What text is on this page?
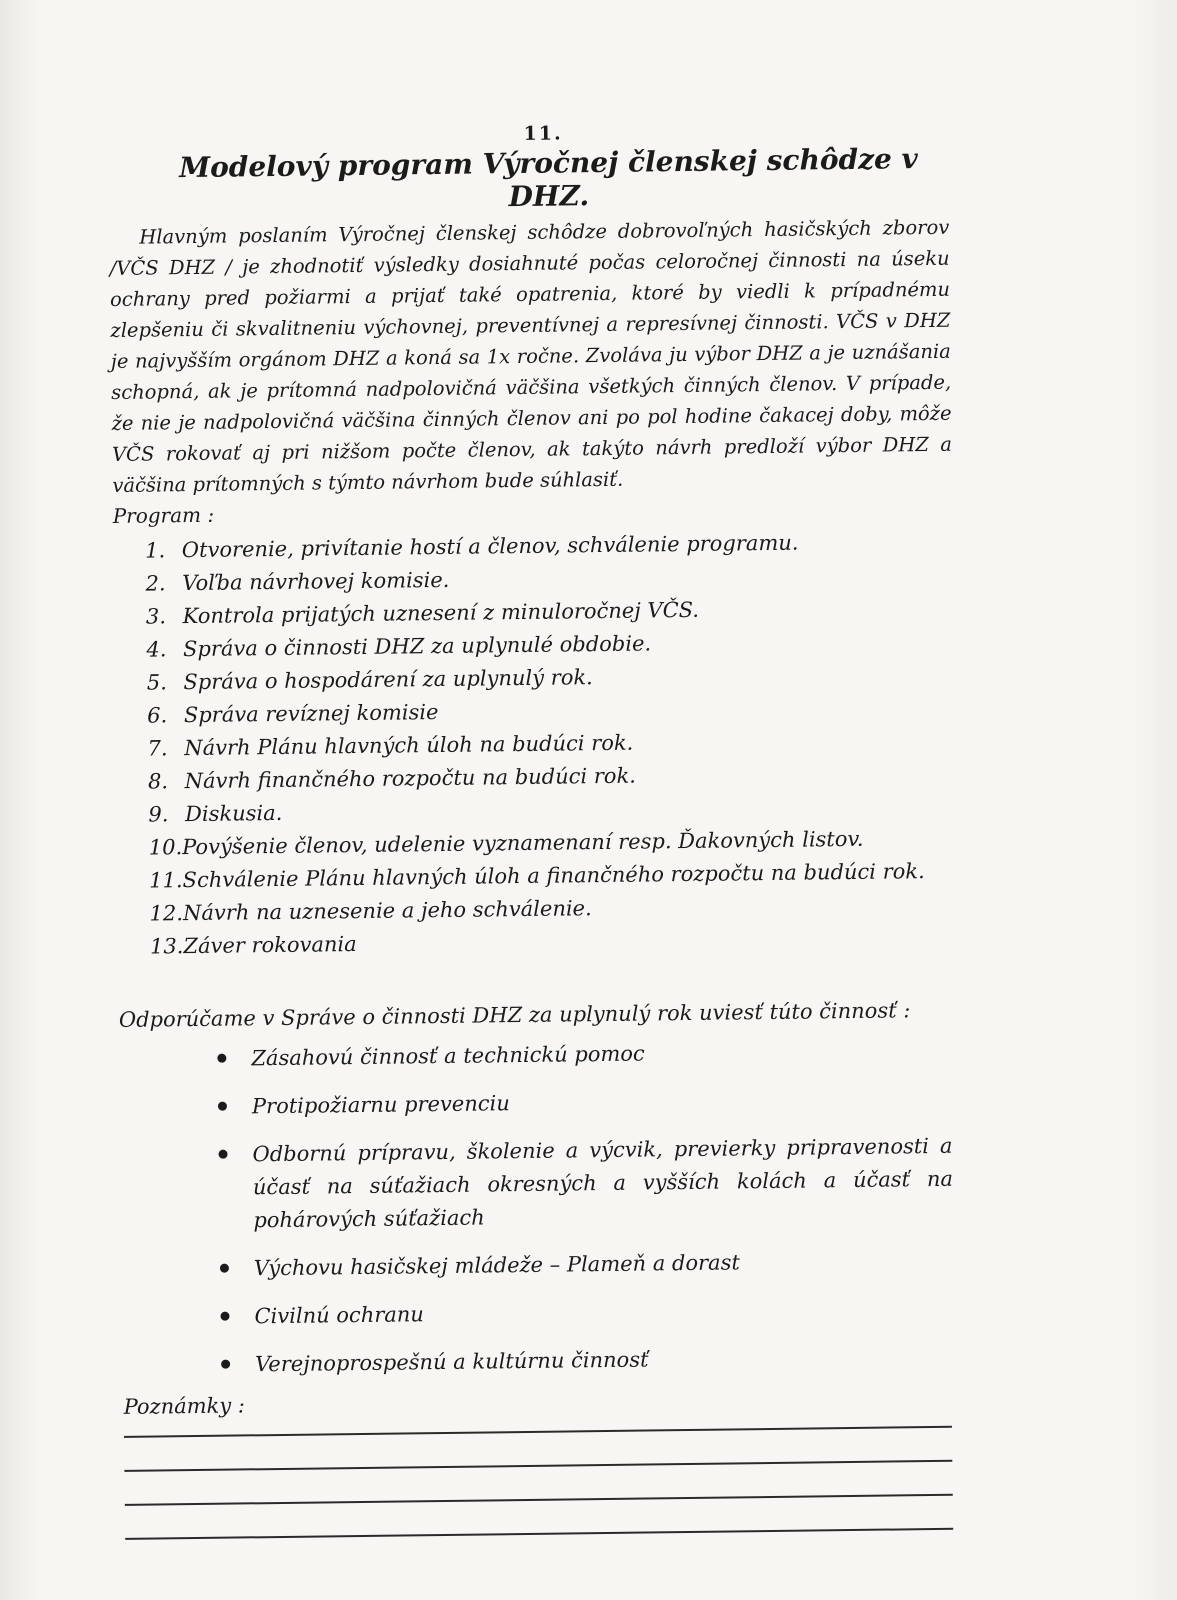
11.
Modelový program Výročnej členskej schôdze v DHZ.

Hlavným poslaním Výročnej členskej schôdze dobrovoľných hasičských zborov /VČS DHZ / je zhodnotiť výsledky dosiahnuté počas celoročnej činnosti na úseku ochrany pred požiarmi a prijať také opatrenia, ktoré by viedli k prípadnému zlepšeniu či skvalitneniu výchovnej, preventívnej a represívnej činnosti. VČS v DHZ je najvyšším orgánom DHZ a koná sa 1x ročne. Zvoláva ju výbor DHZ a je uznášania schopná, ak je prítomná nadpolovičná väčšina všetkých činných členov. V prípade, že nie je nadpolovičná väčšina činných členov ani po pol hodine čakacej doby, môže VČS rokovať aj pri nižšom počte členov, ak takýto návrh predloží výbor DHZ a väčšina prítomných s týmto návrhom bude súhlasiť.

Program :

1. Otvorenie, privítanie hostí a členov, schválenie programu.
2. Voľba návrhovej komisie.
3. Kontrola prijatých uznesení z minuloročnej VČS.
4. Správa o činnosti DHZ za uplynulé obdobie.
5. Správa o hospodárení za uplynulý rok.
6. Správa revíznej komisie
7. Návrh Plánu hlavných úloh na budúci rok.
8. Návrh finančného rozpočtu na budúci rok.
9. Diskusia.
10.Povýšenie členov, udelenie vyznamenaní resp. Ďakovných listov.
11.Schválenie Plánu hlavných úloh a finančného rozpočtu na budúci rok.
12.Návrh na uznesenie a jeho schválenie.
13.Záver rokovania

Odporúčame v Správe o činnosti DHZ za uplynulý rok uviesť túto činnosť :

Zásahovú činnosť a technickú pomoc
Protipožiarnu prevenciu
Odbornú prípravu, školenie a výcvik, previerky pripravenosti a účasť na súťažiach okresných a vyšších kolách a účasť na pohárových súťažiach
Výchovu hasičskej mládeže – Plameň a dorast
Civilnú ochranu
Verejnoprospešnú a kultúrnu činnosť

Poznámky :
